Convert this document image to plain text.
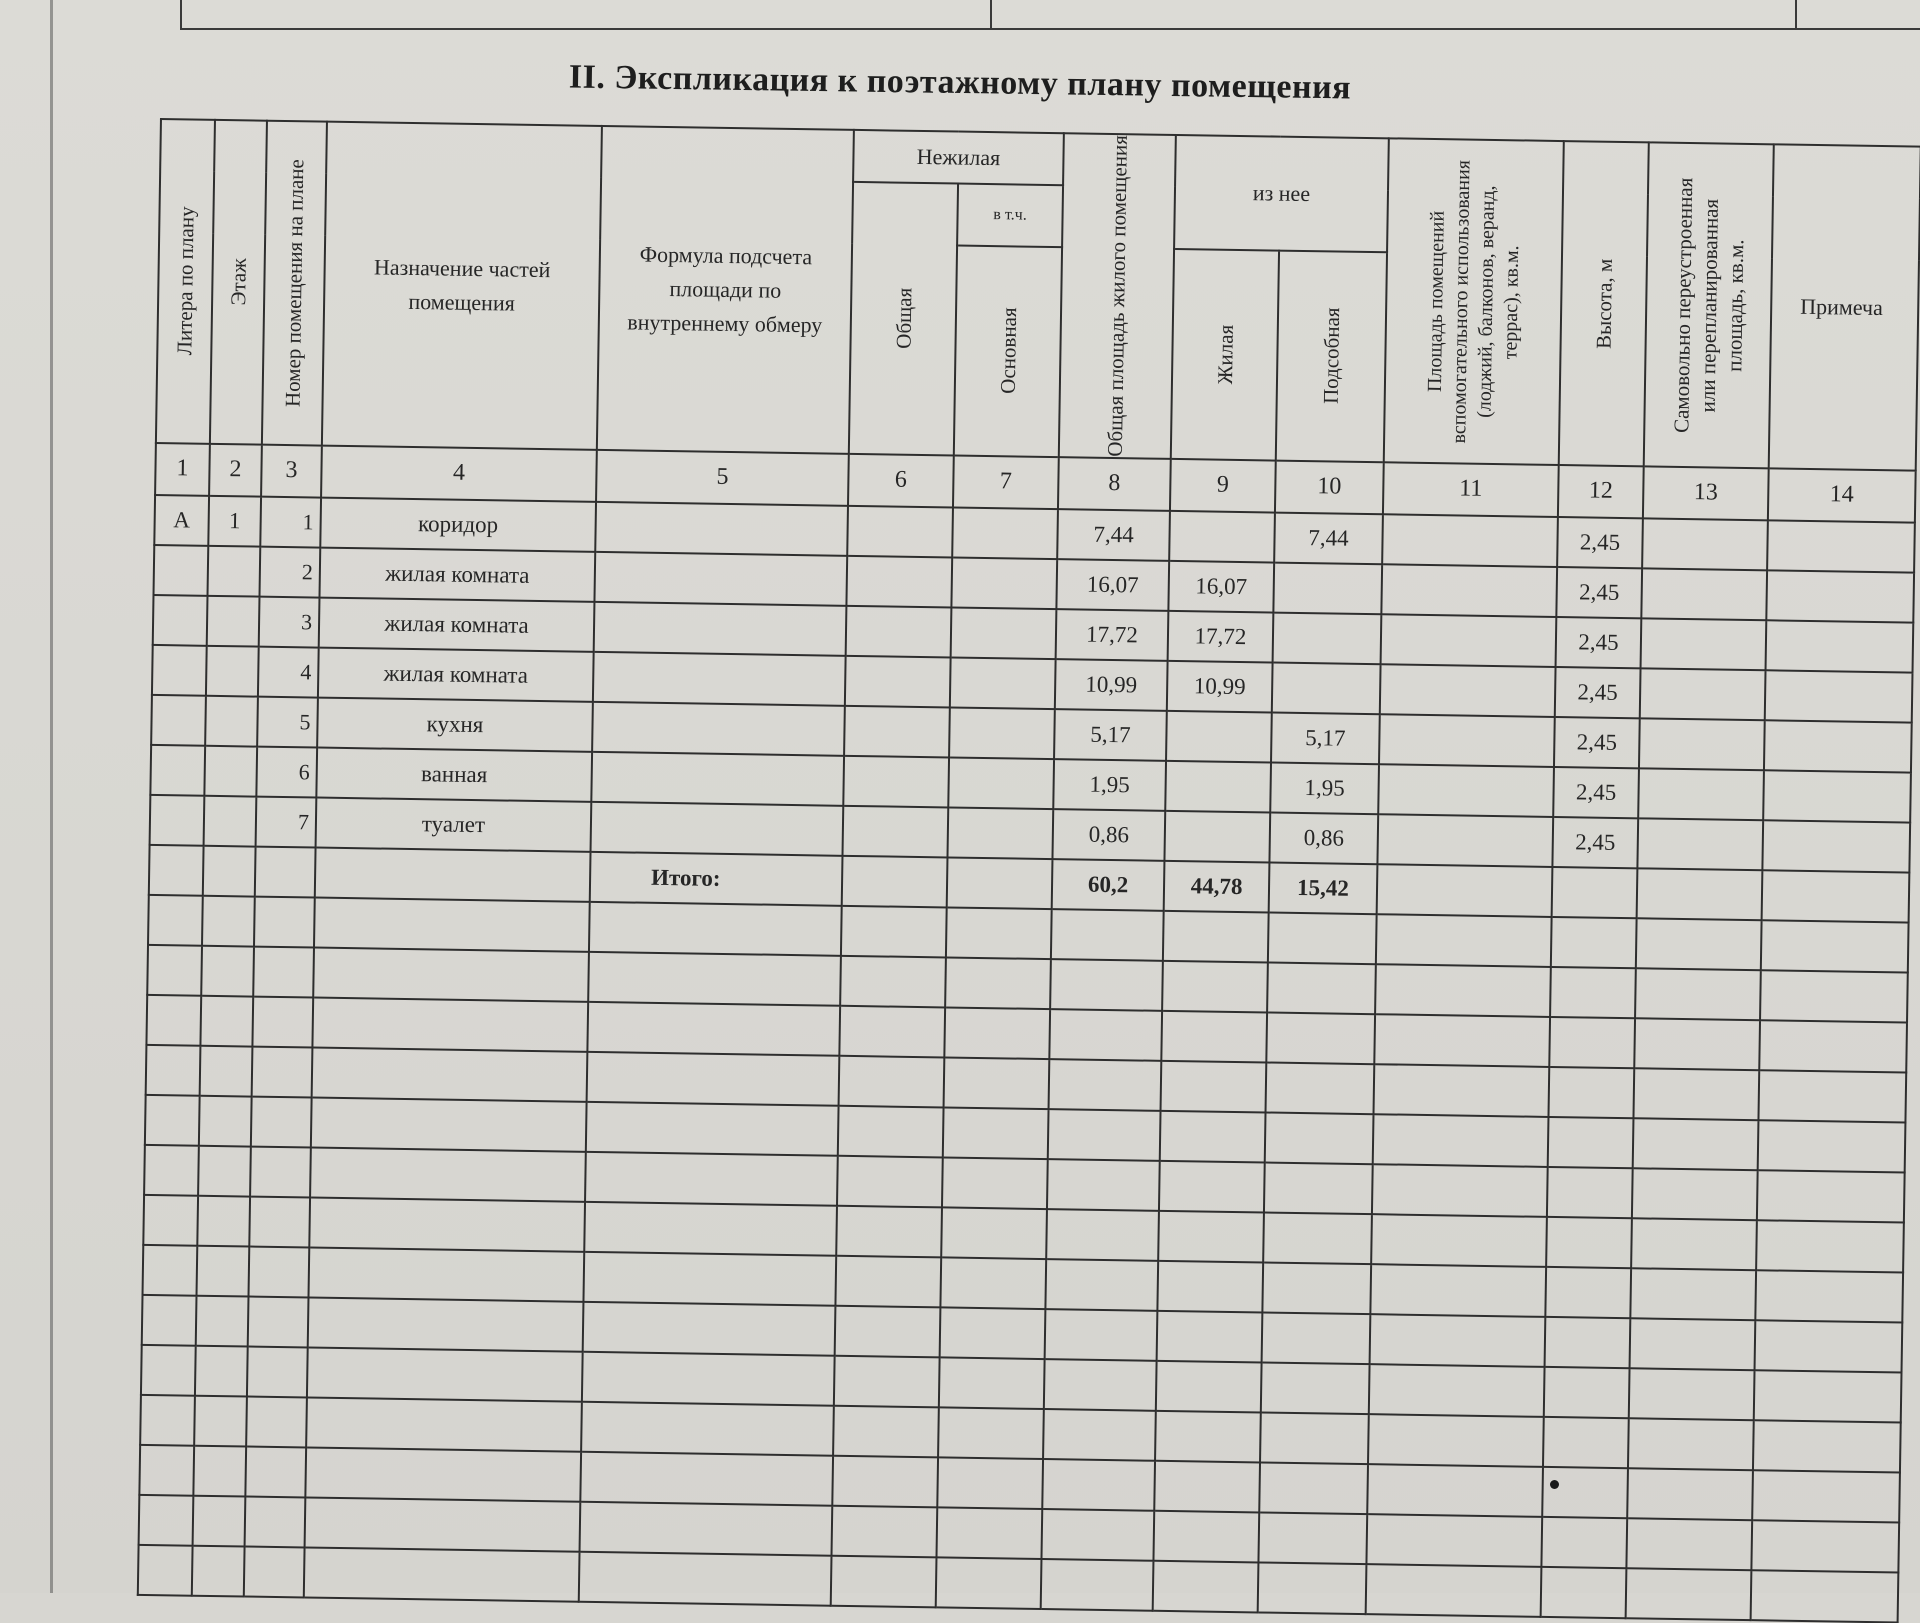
II. Экспликация к поэтажному плану помещения
Литера по плану	Этаж	Номер помещения на плане	Назначение частей помещения	Формула подсчета площади по внутреннему обмеру	Нежилая		Общая площадь жилого помещения	из нее		Площадь помещений вспомогательного использования (лоджий, балконов, веранд, террас), кв.м.	Высота, м	Самовольно переустроенная или перепланированная площадь, кв.м.	Примеча

					Общая	в т.ч.							

						Основная		Жилая	Подсобная				

1	2	3	4	5	6	7	8	9	10	11	12	13	14
А	1	1	коридор				7,44		7,44		2,45		
		2	жилая комната				16,07	16,07			2,45		
		3	жилая комната				17,72	17,72			2,45		
		4	жилая комната				10,99	10,99			2,45		
		5	кухня				5,17		5,17		2,45		
		6	ванная				1,95		1,95		2,45		
		7	туалет				0,86		0,86		2,45		
				Итого:			60,2	44,78	15,42				
